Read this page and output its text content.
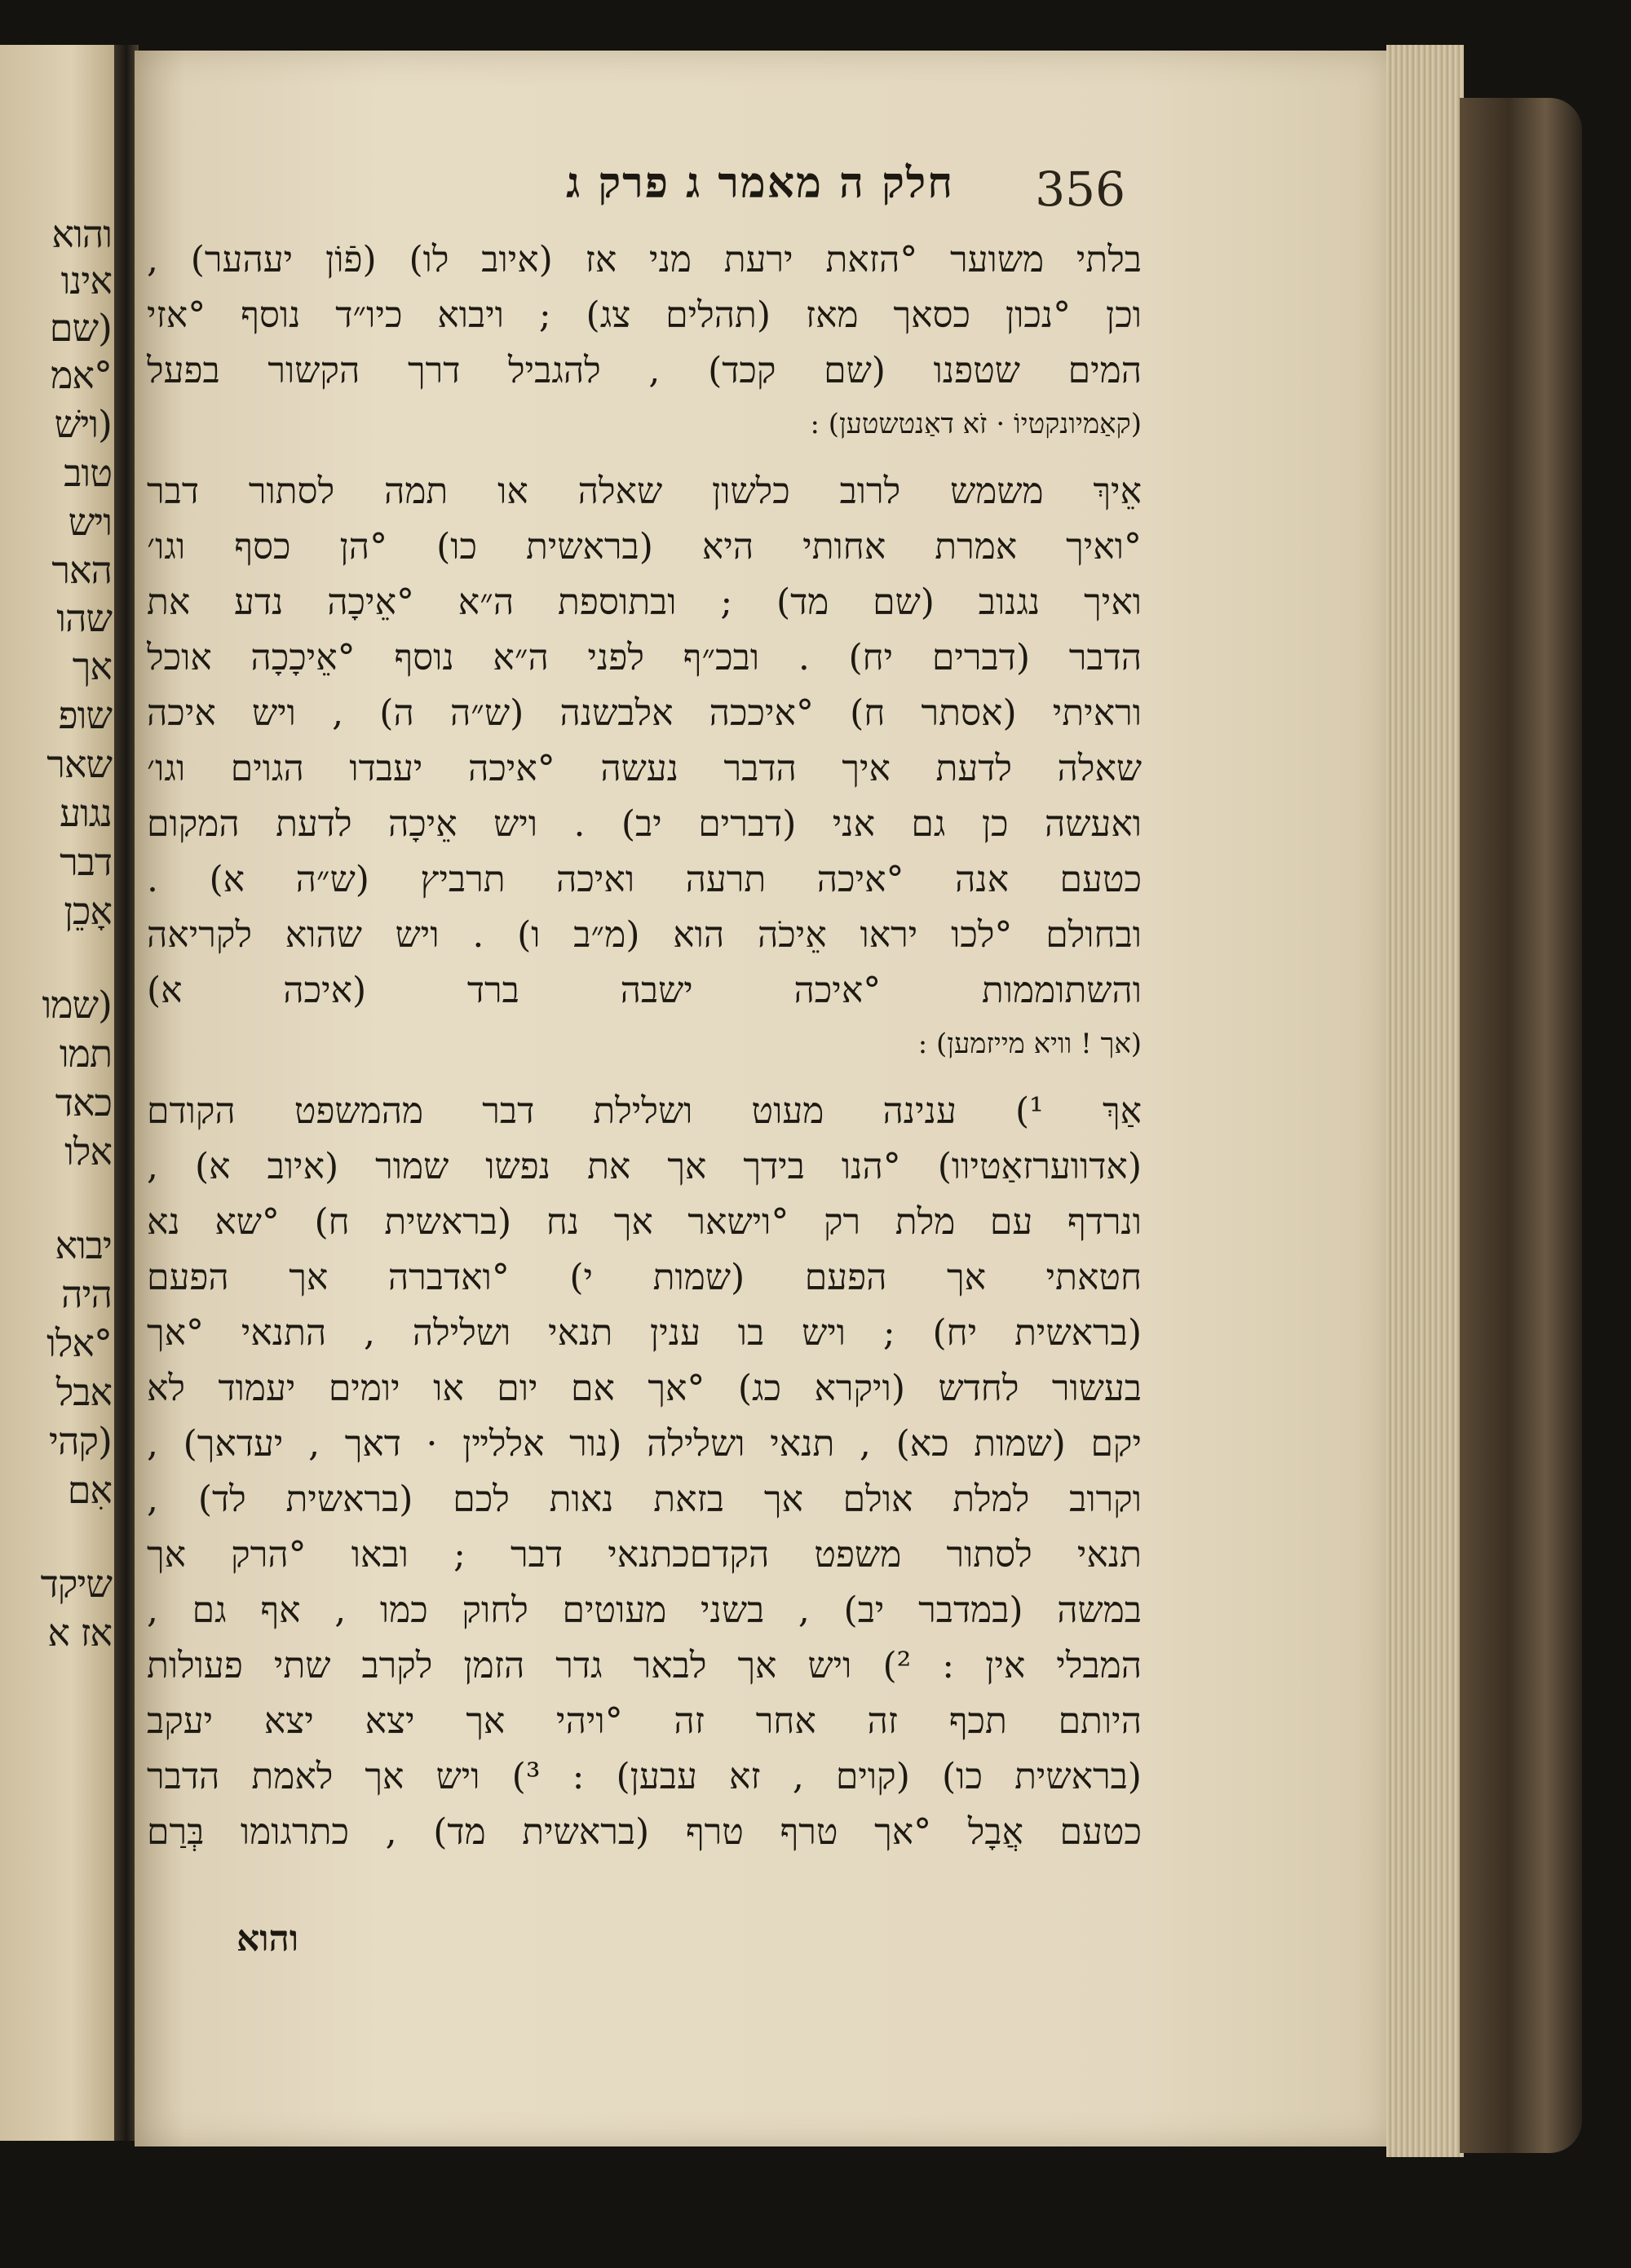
והוא
אינו
(שם
°אמ
(וישׁ
טוב
ויש
האר
שהו
אך
שופ
שאר
נגוע
דבר
אָכֵן
(שמו
תמו
כאד
אלו
יבוא
היה
°אלו
אבל
(קהי
אִם
שיקד
אז א
חלק ה מאמר ג פרק ג 356
בלתי משוער °הזאת ירעת מני אז (איוב לו) (פֿוֹן יעהער) ,
וכן °נכון כסאך מאז (תהלים צג) ; ויבוא כיו״ד נוסף °אזי
המים שטפנו (שם קכד) , להגביל דרך הקשור בפעל
(קאַמיונקטיוֹ · זֹא דאַנטשטען) :
אֵיךְ משמש לרוב כלשון שאלה או תמה לסתור דבר
°ואיך אמרת אחותי היא (בראשית כו) °הן כסף וגו׳
ואיך נגנוב (שם מד) ; ובתוספת ה״א °אֵיכָה נדע את
הדבר (דברים יח) . ובכ״ף לפני ה״א נוסף °אֵיכָכָה אוכל
וראיתי (אסתר ח) °איככה אלבשנה (ש״ה ה) , ויש איכה
שאלה לדעת איך הדבר נעשה °איכה יעבדו הגוים וגו׳
ואעשה כן גם אני (דברים יב) . ויש אֵיכָה לדעת המקום
כטעם אנה °איכה תרעה ואיכה תרביץ (ש״ה א) .
ובחולם °לכו יראו אֵיכֹה הוא (מ״ב ו) . ויש שהוא לקריאה
והשתוממות °איכה ישבה ברד (איכה א)
(אך ! וויא מייזמען) :
אַךְ ¹) ענינה מעוט ושלילת דבר מהמשפט הקודם
(אדווערזאַטיוו) °הנו בידך אך את נפשו שמור (איוב א) ,
ונרדף עם מלת רק °וישאר אך נח (בראשית ח) °שא נא
חטאתי אך הפעם (שמות י) °ואדברה אך הפעם
(בראשית יח) ; ויש בו ענין תנאי ושלילה , התנאי °אך
בעשור לחדש (ויקרא כג) °אך אם יום או יומים יעמוד לא
יקם (שמות כא) , תנאי ושלילה (נור אללײן · דאך , יעדאך) ,
וקרוב למלת אולם אך בזאת נאות לכם (בראשית לד) ,
תנאי לסתור משפט הקדםכתנאי דבר ; ובאו °הרק אך
במשה (במדבר יב) , בשני מעוטים לחוק כמו , אף גם ,
המבלי אין : ²) ויש אך לבאר גדר הזמן לקרב שתי פעולות
היותם תכף זה אחר זה °ויהי אך יצא יצא יעקב
(בראשית כו) (קוים , זא עבען) : ³) ויש אך לאמת הדבר
כטעם אֲבָל °אך טרף טרף (בראשית מד) , כתרגומו בְּרַם
והוא
